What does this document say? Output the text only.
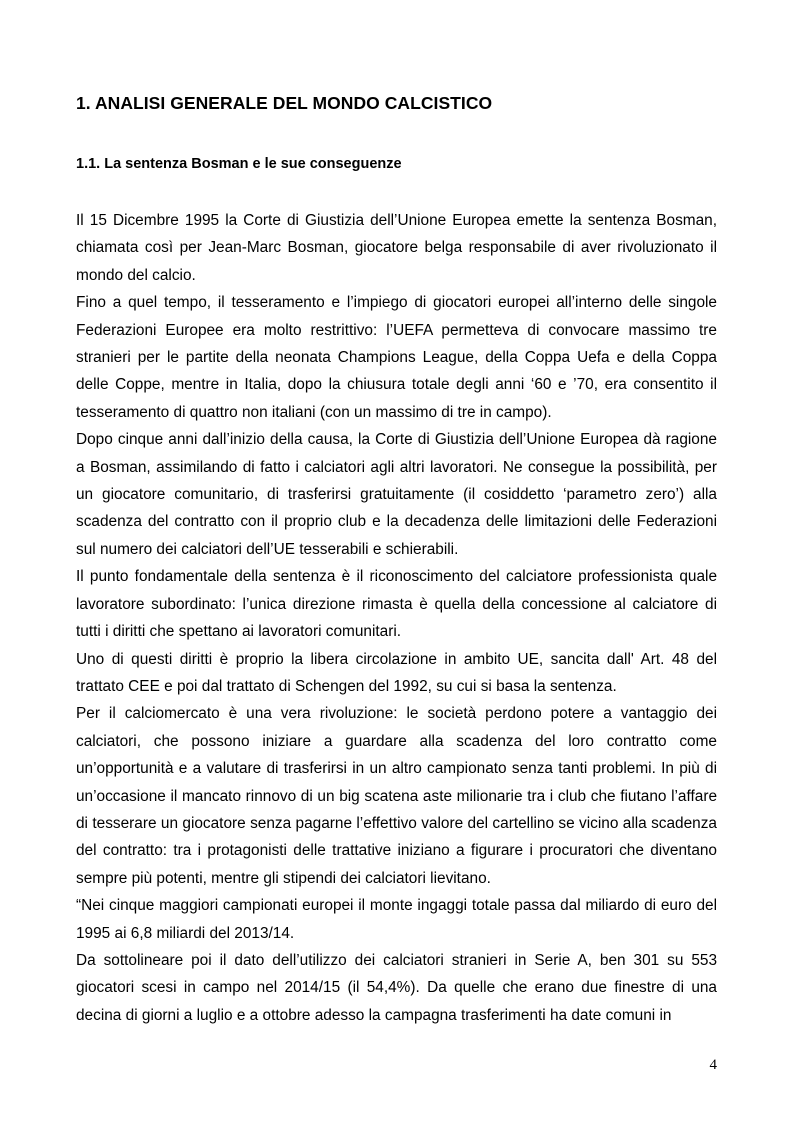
1. ANALISI GENERALE DEL MONDO CALCISTICO
1.1. La sentenza Bosman e le sue conseguenze

Il 15 Dicembre 1995 la Corte di Giustizia dell’Unione Europea emette la sentenza Bosman, chiamata così per Jean-Marc Bosman, giocatore belga responsabile di aver rivoluzionato il mondo del calcio.

Fino a quel tempo, il tesseramento e l’impiego di giocatori europei all’interno delle singole Federazioni Europee era molto restrittivo: l’UEFA permetteva di convocare massimo tre stranieri per le partite della neonata Champions League, della Coppa Uefa e della Coppa delle Coppe, mentre in Italia, dopo la chiusura totale degli anni ‘60 e ’70, era consentito il tesseramento di quattro non italiani (con un massimo di tre in campo).

Dopo cinque anni dall’inizio della causa, la Corte di Giustizia dell’Unione Europea dà ragione a Bosman, assimilando di fatto i calciatori agli altri lavoratori. Ne consegue la possibilità, per un giocatore comunitario, di trasferirsi gratuitamente (il cosiddetto ‘parametro zero’) alla scadenza del contratto con il proprio club e la decadenza delle limitazioni delle Federazioni sul numero dei calciatori dell’UE tesserabili e schierabili.

Il punto fondamentale della sentenza è il riconoscimento del calciatore professionista quale lavoratore subordinato: l’unica direzione rimasta è quella della concessione al calciatore di tutti i diritti che spettano ai lavoratori comunitari.

Uno di questi diritti è proprio la libera circolazione in ambito UE, sancita dall' Art. 48 del trattato CEE e poi dal trattato di Schengen del 1992, su cui si basa la sentenza.

Per il calciomercato è una vera rivoluzione: le società perdono potere a vantaggio dei calciatori, che possono iniziare a guardare alla scadenza del loro contratto come un’opportunità e a valutare di trasferirsi in un altro campionato senza tanti problemi. In più di un’occasione il mancato rinnovo di un big scatena aste milionarie tra i club che fiutano l’affare di tesserare un giocatore senza pagarne l’effettivo valore del cartellino se vicino alla scadenza del contratto: tra i protagonisti delle trattative iniziano a figurare i procuratori che diventano sempre più potenti, mentre gli stipendi dei calciatori lievitano.

“Nei cinque maggiori campionati europei il monte ingaggi totale passa dal miliardo di euro del 1995 ai 6,8 miliardi del 2013/14.

Da sottolineare poi il dato dell’utilizzo dei calciatori stranieri in Serie A, ben 301 su 553 giocatori scesi in campo nel 2014/15 (il 54,4%). Da quelle che erano due finestre di una decina di giorni a luglio e a ottobre adesso la campagna trasferimenti ha date comuni in

4
